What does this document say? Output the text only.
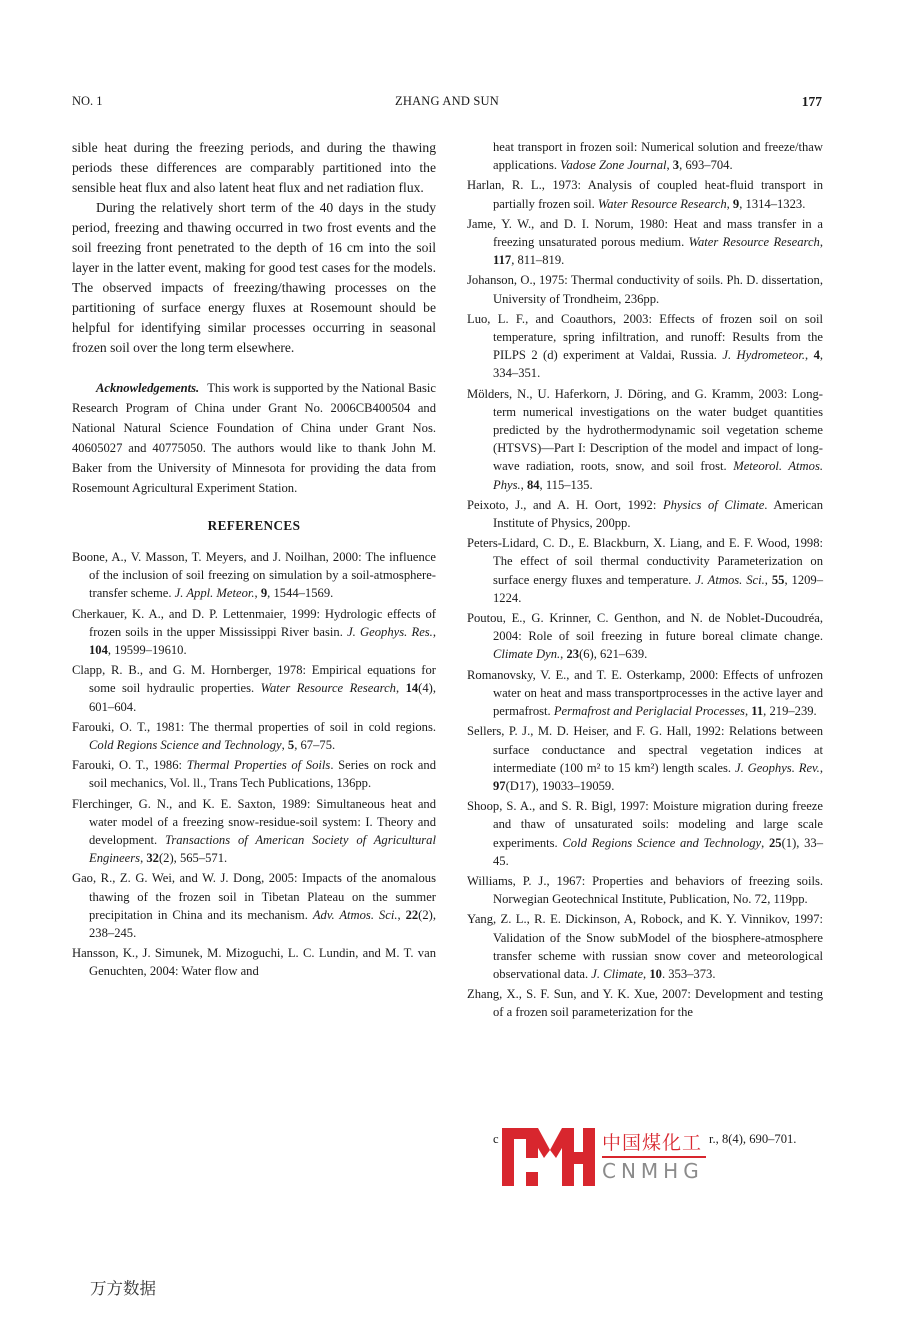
NO. 1	ZHANG AND SUN	177

sible heat during the freezing periods, and during the thawing periods these differences are comparably partitioned into the sensible heat flux and also latent heat flux and net radiation flux.

During the relatively short term of the 40 days in the study period, freezing and thawing occurred in two frost events and the soil freezing front penetrated to the depth of 16 cm into the soil layer in the latter event, making for good test cases for the models. The observed impacts of freezing/thawing processes on the partitioning of surface energy fluxes at Rosemount should be helpful for identifying similar processes occurring in seasonal frozen soil over the long term elsewhere.

Acknowledgements. This work is supported by the National Basic Research Program of China under Grant No. 2006CB400504 and National Natural Science Foundation of China under Grant Nos. 40605027 and 40775050. The authors would like to thank John M. Baker from the University of Minnesota for providing the data from Rosemount Agricultural Experiment Station.

REFERENCES

Boone, A., V. Masson, T. Meyers, and J. Noilhan, 2000: The influence of the inclusion of soil freezing on simulation by a soil-atmosphere-transfer scheme. J. Appl. Meteor., 9, 1544–1569.

Cherkauer, K. A., and D. P. Lettenmaier, 1999: Hydrologic effects of frozen soils in the upper Mississippi River basin. J. Geophys. Res., 104, 19599–19610.

Clapp, R. B., and G. M. Hornberger, 1978: Empirical equations for some soil hydraulic properties. Water Resource Research, 14(4), 601–604.

Farouki, O. T., 1981: The thermal properties of soil in cold regions. Cold Regions Science and Technology, 5, 67–75.

Farouki, O. T., 1986: Thermal Properties of Soils. Series on rock and soil mechanics, Vol. ll., Trans Tech Publications, 136pp.

Flerchinger, G. N., and K. E. Saxton, 1989: Simultaneous heat and water model of a freezing snow-residue-soil system: I. Theory and development. Transactions of American Society of Agricultural Engineers, 32(2), 565–571.

Gao, R., Z. G. Wei, and W. J. Dong, 2005: Impacts of the anomalous thawing of the frozen soil in Tibetan Plateau on the summer precipitation in China and its mechanism. Adv. Atmos. Sci., 22(2), 238–245.

Hansson, K., J. Simunek, M. Mizoguchi, L. C. Lundin, and M. T. van Genuchten, 2004: Water flow and

heat transport in frozen soil: Numerical solution and freeze/thaw applications. Vadose Zone Journal, 3, 693–704.

Harlan, R. L., 1973: Analysis of coupled heat-fluid transport in partially frozen soil. Water Resource Research, 9, 1314–1323.

Jame, Y. W., and D. I. Norum, 1980: Heat and mass transfer in a freezing unsaturated porous medium. Water Resource Research, 117, 811–819.

Johanson, O., 1975: Thermal conductivity of soils. Ph. D. dissertation, University of Trondheim, 236pp.

Luo, L. F., and Coauthors, 2003: Effects of frozen soil on soil temperature, spring infiltration, and runoff: Results from the PILPS 2 (d) experiment at Valdai, Russia. J. Hydrometeor., 4, 334–351.

Mölders, N., U. Haferkorn, J. Döring, and G. Kramm, 2003: Long-term numerical investigations on the water budget quantities predicted by the hydrothermodynamic soil vegetation scheme (HTSVS)—Part I: Description of the model and impact of longwave radiation, roots, snow, and soil frost. Meteorol. Atmos. Phys., 84, 115–135.

Peixoto, J., and A. H. Oort, 1992: Physics of Climate. American Institute of Physics, 200pp.

Peters-Lidard, C. D., E. Blackburn, X. Liang, and E. F. Wood, 1998: The effect of soil thermal conductivity Parameterization on surface energy fluxes and temperature. J. Atmos. Sci., 55, 1209–1224.

Poutou, E., G. Krinner, C. Genthon, and N. de Noblet-Ducoudréa, 2004: Role of soil freezing in future boreal climate change. Climate Dyn., 23(6), 621–639.

Romanovsky, V. E., and T. E. Osterkamp, 2000: Effects of unfrozen water on heat and mass transportprocesses in the active layer and permafrost. Permafrost and Periglacial Processes, 11, 219–239.

Sellers, P. J., M. D. Heiser, and F. G. Hall, 1992: Relations between surface conductance and spectral vegetation indices at intermediate (100 m² to 15 km²) length scales. J. Geophys. Rev., 97(D17), 19033–19059.

Shoop, S. A., and S. R. Bigl, 1997: Moisture migration during freeze and thaw of unsaturated soils: modeling and large scale experiments. Cold Regions Science and Technology, 25(1), 33–45.

Williams, P. J., 1967: Properties and behaviors of freezing soils. Norwegian Geotechnical Institute, Publication, No. 72, 119pp.

Yang, Z. L., R. E. Dickinson, A, Robock, and K. Y. Vinnikov, 1997: Validation of the Snow subModel of the biosphere-atmosphere transfer scheme with russian snow cover and meteorological observational data. J. Climate, 10. 353–373.

Zhang, X., S. F. Sun, and Y. K. Xue, 2007: Development and testing of a frozen soil parameterization for the

c	r., 8(4), 690–701.
中国煤化工
CNMHG
万方数据
